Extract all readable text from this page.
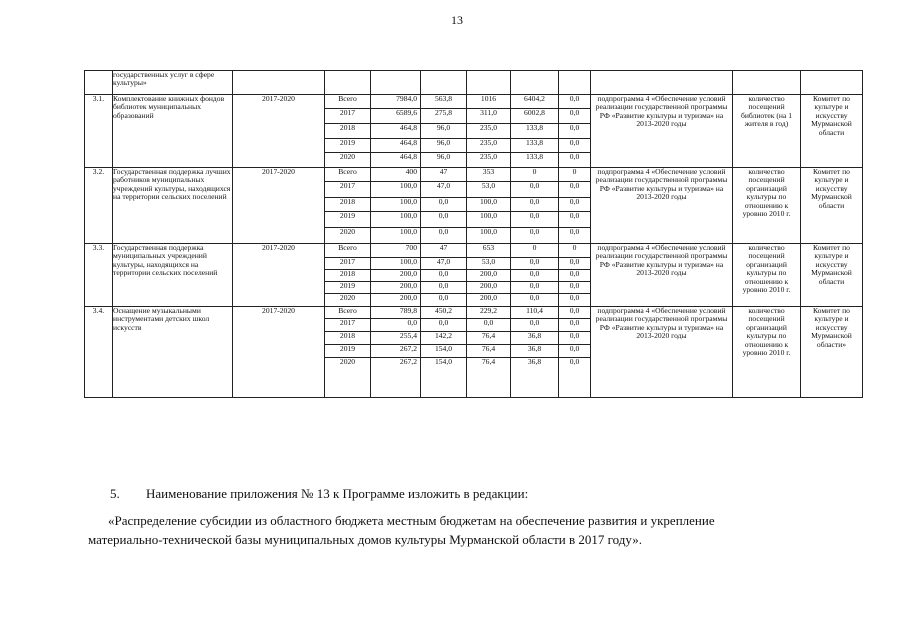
13
	государственных услуг в сфере культуры»										
3.1.	Комплектование книжных фондов библиотек муниципальных образований	2017-2020	Всего	7984,0	563,8	1016	6404,2	0,0	подпрограмма 4 «Обеспечение условий реализации государственной программы РФ «Развитие культуры и туризма» на 2013-2020 годы	количество посещений библиотек (на 1 жителя в год)	Комитет по культуре и искусству Мурманской области
			2017	6589,6	275,8	311,0	6002,8	0,0			
			2018	464,8	96,0	235,0	133,8	0,0			
			2019	464,8	96,0	235,0	133,8	0,0			
			2020	464,8	96,0	235,0	133,8	0,0			
3.2.	Государственная поддержка лучших работников муниципальных учреждений культуры, находящихся на территории сельских поселений	2017-2020	Всего	400	47	353	0	0	подпрограмма 4 «Обеспечение условий реализации государственной программы РФ «Развитие культуры и туризма» на 2013-2020 годы	количество посещений организаций культуры по отношению к уровню 2010 г.	Комитет по культуре и искусству Мурманской области
			2017	100,0	47,0	53,0	0,0	0,0			
			2018	100,0	0,0	100,0	0,0	0,0			
			2019	100,0	0,0	100,0	0,0	0,0			
			2020	100,0	0,0	100,0	0,0	0,0			
3.3.	Государственная поддержка муниципальных учреждений культуры, находящихся на территории сельских поселений	2017-2020	Всего	700	47	653	0	0	подпрограмма 4 «Обеспечение условий реализации государственной программы РФ «Развитие культуры и туризма» на 2013-2020 годы	количество посещений организаций культуры по отношению к уровню 2010 г.	Комитет по культуре и искусству Мурманской области
			2017	100,0	47,0	53,0	0,0	0,0			
			2018	200,0	0,0	200,0	0,0	0,0			
			2019	200,0	0,0	200,0	0,0	0,0			
			2020	200,0	0,0	200,0	0,0	0,0			
3.4.	Оснащение музыкальными инструментами детских школ искусств	2017-2020	Всего	789,8	450,2	229,2	110,4	0,0	подпрограмма 4 «Обеспечение условий реализации государственной программы РФ «Развитие культуры и туризма» на 2013-2020 годы	количество посещений организаций культуры по отношению к уровню 2010 г.	Комитет по культуре и искусству Мурманской области»
			2017	0,0	0,0	0,0	0,0	0,0			
			2018	255,4	142,2	76,4	36,8	0,0			
			2019	267,2	154,0	76,4	36,8	0,0			
			2020	267,2	154,0	76,4	36,8	0,0			
5. Наименование приложения № 13 к Программе изложить в редакции:
«Распределение субсидии из областного бюджета местным бюджетам на обеспечение развития и укрепление
материально-технической базы муниципальных домов культуры Мурманской области в 2017 году».
